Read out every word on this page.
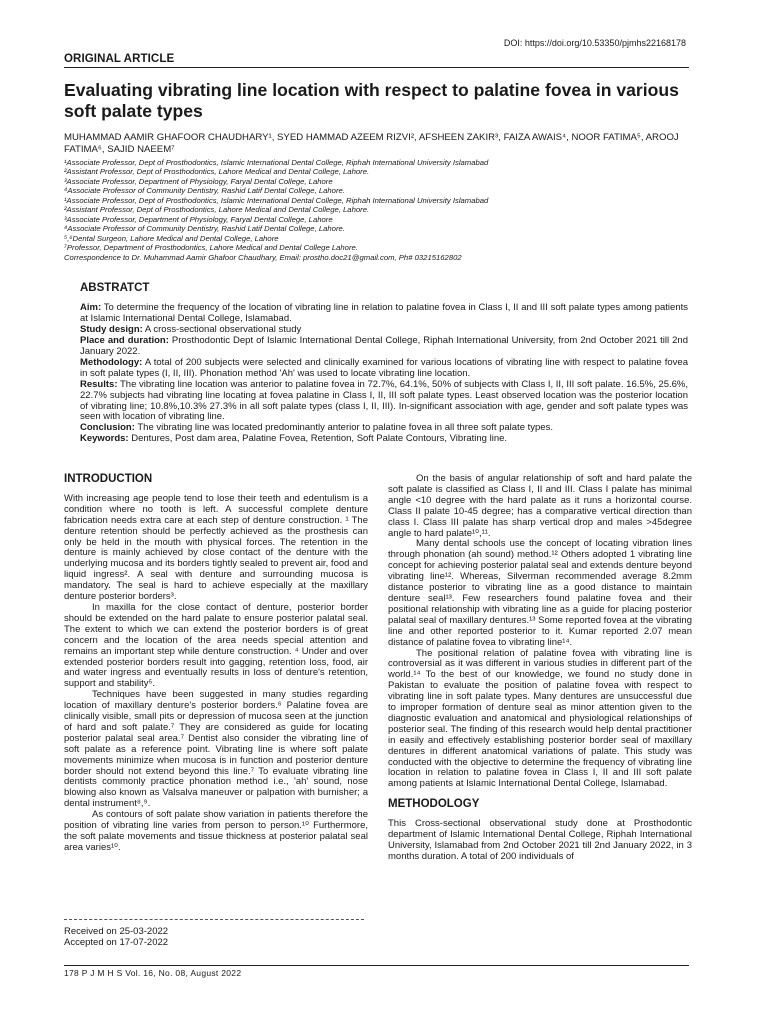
DOI: https://doi.org/10.53350/pjmhs22168178
ORIGINAL ARTICLE
Evaluating vibrating line location with respect to palatine fovea in various soft palate types
MUHAMMAD AAMIR GHAFOOR CHAUDHARY¹, SYED HAMMAD AZEEM RIZVI², AFSHEEN ZAKIR³, FAIZA AWAIS⁴, NOOR FATIMA⁵, AROOJ FATIMA⁶, SAJID NAEEM⁷
¹Associate Professor, Dept of Prosthodontics, Islamic International Dental College, Riphah International University Islamabad
²Assistant Professor, Dept of Prosthodontics, Lahore Medical and Dental College, Lahore.
³Associate Professor, Department of Physiology, Faryal Dental College, Lahore
⁴Associate Professor of Community Dentistry, Rashid Latif Dental College, Lahore.
¹Associate Professor, Dept of Prosthodontics, Islamic International Dental College, Riphah International University Islamabad
²Assistant Professor, Dept of Prosthodontics, Lahore Medical and Dental College, Lahore.
³Associate Professor, Department of Physiology, Faryal Dental College, Lahore
⁴Associate Professor of Community Dentistry, Rashid Latif Dental College, Lahore.
⁵,⁶Dental Surgeon, Lahore Medical and Dental College, Lahore
⁷Professor, Department of Prosthodontics, Lahore Medical and Dental College Lahore.
Correspondence to Dr. Muhammad Aamir Ghafoor Chaudhary, Email: prostho.doc21@gmail.com, Ph# 03215162802
ABSTRATCT

Aim: To determine the frequency of the location of vibrating line in relation to palatine fovea in Class I, II and III soft palate types among patients at Islamic International Dental College, Islamabad.

Study design: A cross-sectional observational study

Place and duration: Prosthodontic Dept of Islamic International Dental College, Riphah International University, from 2nd October 2021 till 2nd January 2022.

Methodology: A total of 200 subjects were selected and clinically examined for various locations of vibrating line with respect to palatine fovea in soft palate types (I, II, III). Phonation method 'Ah' was used to locate vibrating line location.

Results: The vibrating line location was anterior to palatine fovea in 72.7%, 64.1%, 50% of subjects with Class I, II, III soft palate. 16.5%, 25.6%, 22.7% subjects had vibrating line locating at fovea palatine in Class I, II, III soft palate types. Least observed location was the posterior location of vibrating line; 10.8%,10.3% 27.3% in all soft palate types (class I, II, III). In-significant association with age, gender and soft palate types was seen with location of vibrating line.

Conclusion: The vibrating line was located predominantly anterior to palatine fovea in all three soft palate types.

Keywords: Dentures, Post dam area, Palatine Fovea, Retention, Soft Palate Contours, Vibrating line.

INTRODUCTION

With increasing age people tend to lose their teeth and edentulism is a condition where no tooth is left. A successful complete denture fabrication needs extra care at each step of denture construction. ¹ The denture retention should be perfectly achieved as the prosthesis can only be held in the mouth with physical forces. The retention in the denture is mainly achieved by close contact of the denture with the underlying mucosa and its borders tightly sealed to prevent air, food and liquid ingress². A seal with denture and surrounding mucosa is mandatory. The seal is hard to achieve especially at the maxillary denture posterior borders³.

In maxilla for the close contact of denture, posterior border should be extended on the hard palate to ensure posterior palatal seal. The extent to which we can extend the posterior borders is of great concern and the location of the area needs special attention and remains an important step while denture construction. ⁴ Under and over extended posterior borders result into gagging, retention loss, food, air and water ingress and eventually results in loss of denture's retention, support and stability⁵.

Techniques have been suggested in many studies regarding location of maxillary denture's posterior borders.⁶ Palatine fovea are clinically visible, small pits or depression of mucosa seen at the junction of hard and soft palate.⁷ They are considered as guide for locating posterior palatal seal area.⁷ Dentist also consider the vibrating line of soft palate as a reference point. Vibrating line is where soft palate movements minimize when mucosa is in function and posterior denture border should not extend beyond this line.⁷ To evaluate vibrating line dentists commonly practice phonation method i.e., 'ah' sound, nose blowing also known as Valsalva maneuver or palpation with burnisher; a dental instrument⁸,⁹.

As contours of soft palate show variation in patients therefore the position of vibrating line varies from person to person.¹⁰ Furthermore, the soft palate movements and tissue thickness at posterior palatal seal area varies¹⁰.

Received on 25-03-2022
Accepted on 17-07-2022

On the basis of angular relationship of soft and hard palate the soft palate is classified as Class I, II and III. Class I palate has minimal angle <10 degree with the hard palate as it runs a horizontal course. Class II palate 10-45 degree; has a comparative vertical direction than class I. Class III palate has sharp vertical drop and males >45degree angle to hard palate¹⁰,¹¹.

Many dental schools use the concept of locating vibration lines through phonation (ah sound) method.¹² Others adopted 1 vibrating line concept for achieving posterior palatal seal and extends denture beyond vibrating line¹². Whereas, Silverman recommended average 8.2mm distance posterior to vibrating line as a good distance to maintain denture seal¹³. Few researchers found palatine fovea and their positional relationship with vibrating line as a guide for placing posterior palatal seal of maxillary dentures.¹³ Some reported fovea at the vibrating line and other reported posterior to it. Kumar reported 2.07 mean distance of palatine fovea to vibrating line¹⁴.

The positional relation of palatine fovea with vibrating line is controversial as it was different in various studies in different part of the world.¹⁴ To the best of our knowledge, we found no study done in Pakistan to evaluate the position of palatine fovea with respect to vibrating line in soft palate types. Many dentures are unsuccessful due to improper formation of denture seal as minor attention given to the diagnostic evaluation and anatomical and physiological relationships of posterior seal. The finding of this research would help dental practitioner in easily and effectively establishing posterior border seal of maxillary dentures in different anatomical variations of palate. This study was conducted with the objective to determine the frequency of vibrating line location in relation to palatine fovea in Class I, II and III soft palate among patients at Islamic International Dental College, Islamabad.

METHODOLOGY

This Cross-sectional observational study done at Prosthodontic department of Islamic International Dental College, Riphah International University, Islamabad from 2nd October 2021 till 2nd January 2022, in 3 months duration. A total of 200 individuals of

178 P J M H S Vol. 16, No. 08, August 2022
